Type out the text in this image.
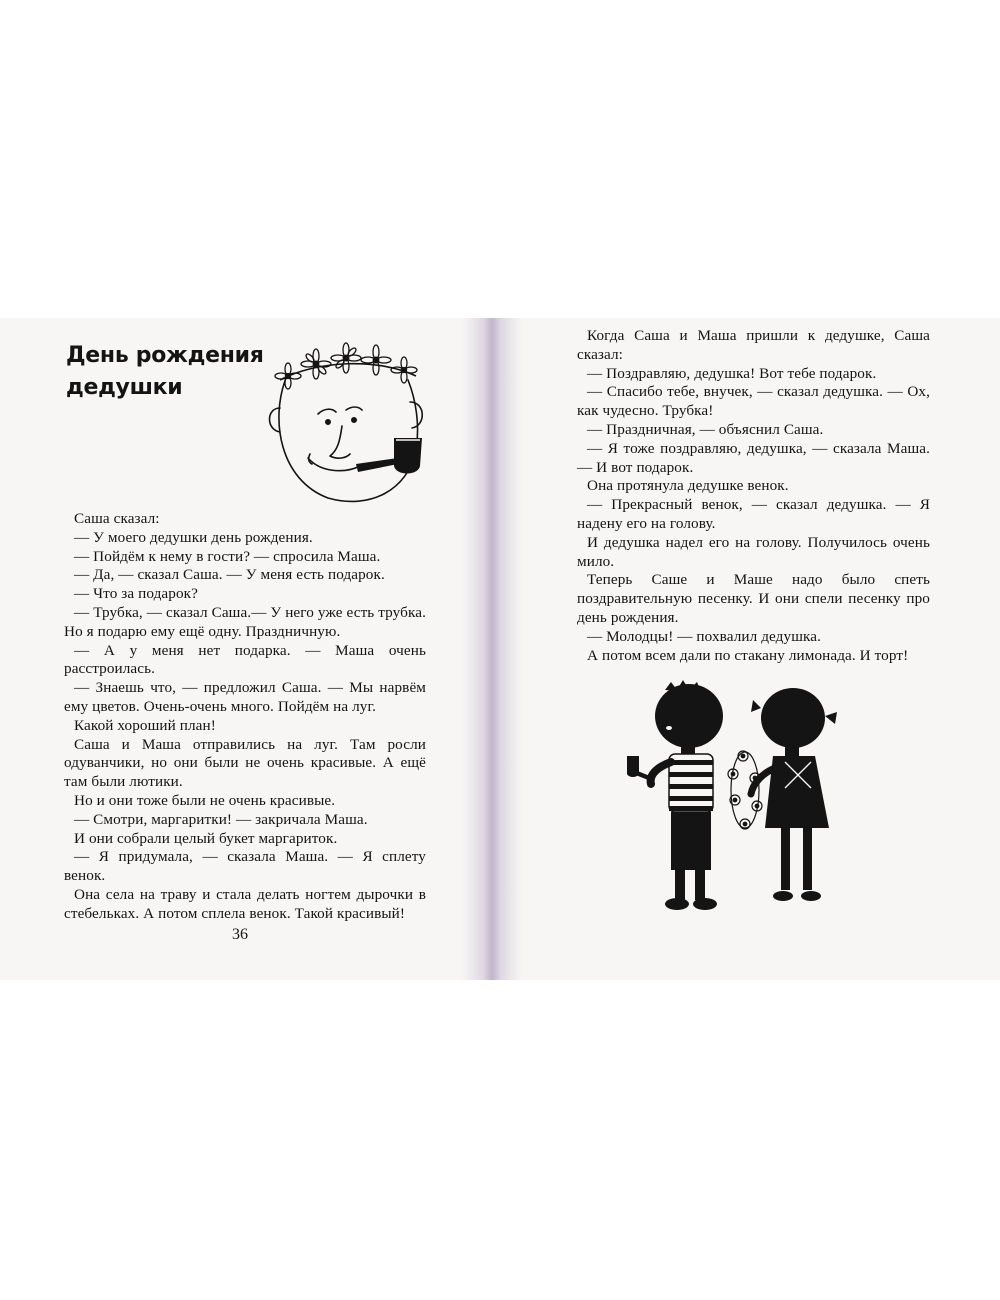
День рождения
дедушки

Саша сказал:

— У моего дедушки день рождения.

— Пойдём к нему в гости? — спросила Маша.

— Да, — сказал Саша. — У меня есть подарок.

— Что за подарок?

— Трубка, — сказал Саша.— У него уже есть трубка. Но я подарю ему ещё одну. Праздничную.

— А у меня нет подарка. — Маша очень расстроилась.

— Знаешь что, — предложил Саша. — Мы нарвём ему цветов. Очень-очень много. Пойдём на луг.

Какой хороший план!

Саша и Маша отправились на луг. Там росли одуванчики, но они были не очень красивые. А ещё там были лютики.

Но и они тоже были не очень красивые.

— Смотри, маргаритки! — закричала Маша.

И они собрали целый букет маргариток.

— Я придумала, — сказала Маша. — Я сплету венок.

Она села на траву и стала делать ногтем дырочки в стебельках. А потом сплела венок. Такой красивый!

36

Когда Саша и Маша пришли к дедушке, Саша сказал:

— Поздравляю, дедушка! Вот тебе подарок.

— Спасибо тебе, внучек, — сказал дедушка. — Ох, как чудесно. Трубка!

— Праздничная, — объяснил Саша.

— Я тоже поздравляю, дедушка, — сказала Маша. — И вот подарок.

Она протянула дедушке венок.

— Прекрасный венок, — сказал дедушка. — Я надену его на голову.

И дедушка надел его на голову. Получилось очень мило.

Теперь Саше и Маше надо было спеть поздравительную песенку. И они спели песенку про день рождения.

— Молодцы! — похвалил дедушка.

А потом всем дали по стакану лимонада. И торт!
